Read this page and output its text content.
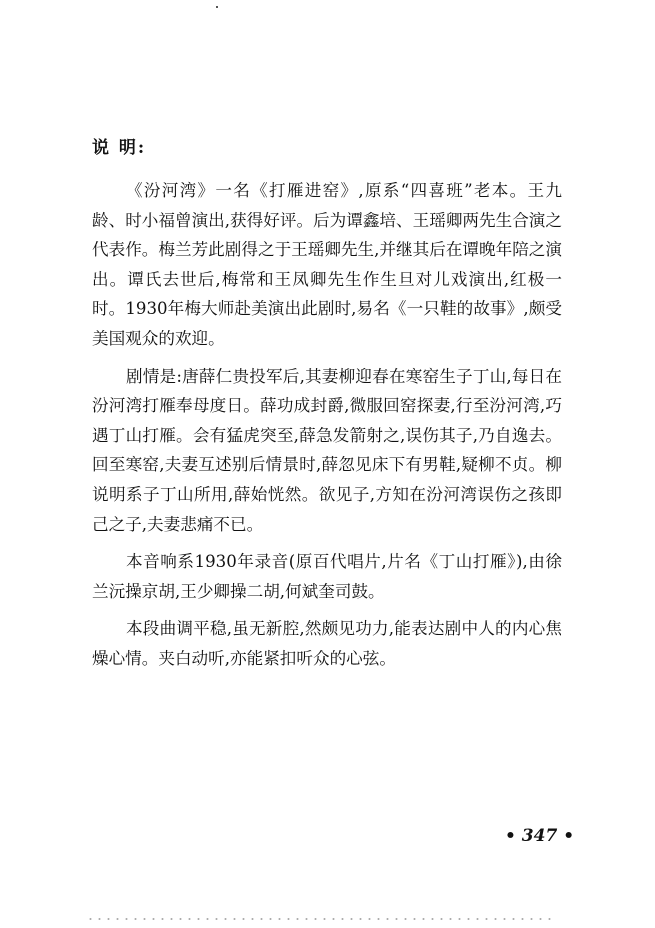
说 明:

《汾河湾》一名《打雁进窑》,原系“四喜班”老本。王九龄、时小福曾演出,获得好评。后为谭鑫培、王瑶卿两先生合演之代表作。梅兰芳此剧得之于王瑶卿先生,并继其后在谭晚年陪之演出。谭氏去世后,梅常和王凤卿先生作生旦对儿戏演出,红极一时。1930年梅大师赴美演出此剧时,易名《一只鞋的故事》,颇受美国观众的欢迎。

剧情是:唐薛仁贵投军后,其妻柳迎春在寒窑生子丁山,每日在汾河湾打雁奉母度日。薛功成封爵,微服回窑探妻,行至汾河湾,巧遇丁山打雁。会有猛虎突至,薛急发箭射之,误伤其子,乃自逸去。回至寒窑,夫妻互述别后情景时,薛忽见床下有男鞋,疑柳不贞。柳说明系子丁山所用,薛始恍然。欲见子,方知在汾河湾误伤之孩即己之子,夫妻悲痛不已。

本音响系1930年录音(原百代唱片,片名《丁山打雁》),由徐兰沅操京胡,王少卿操二胡,何斌奎司鼓。

本段曲调平稳,虽无新腔,然颇见功力,能表达剧中人的内心焦燥心情。夹白动听,亦能紧扣听众的心弦。

• 347 •
